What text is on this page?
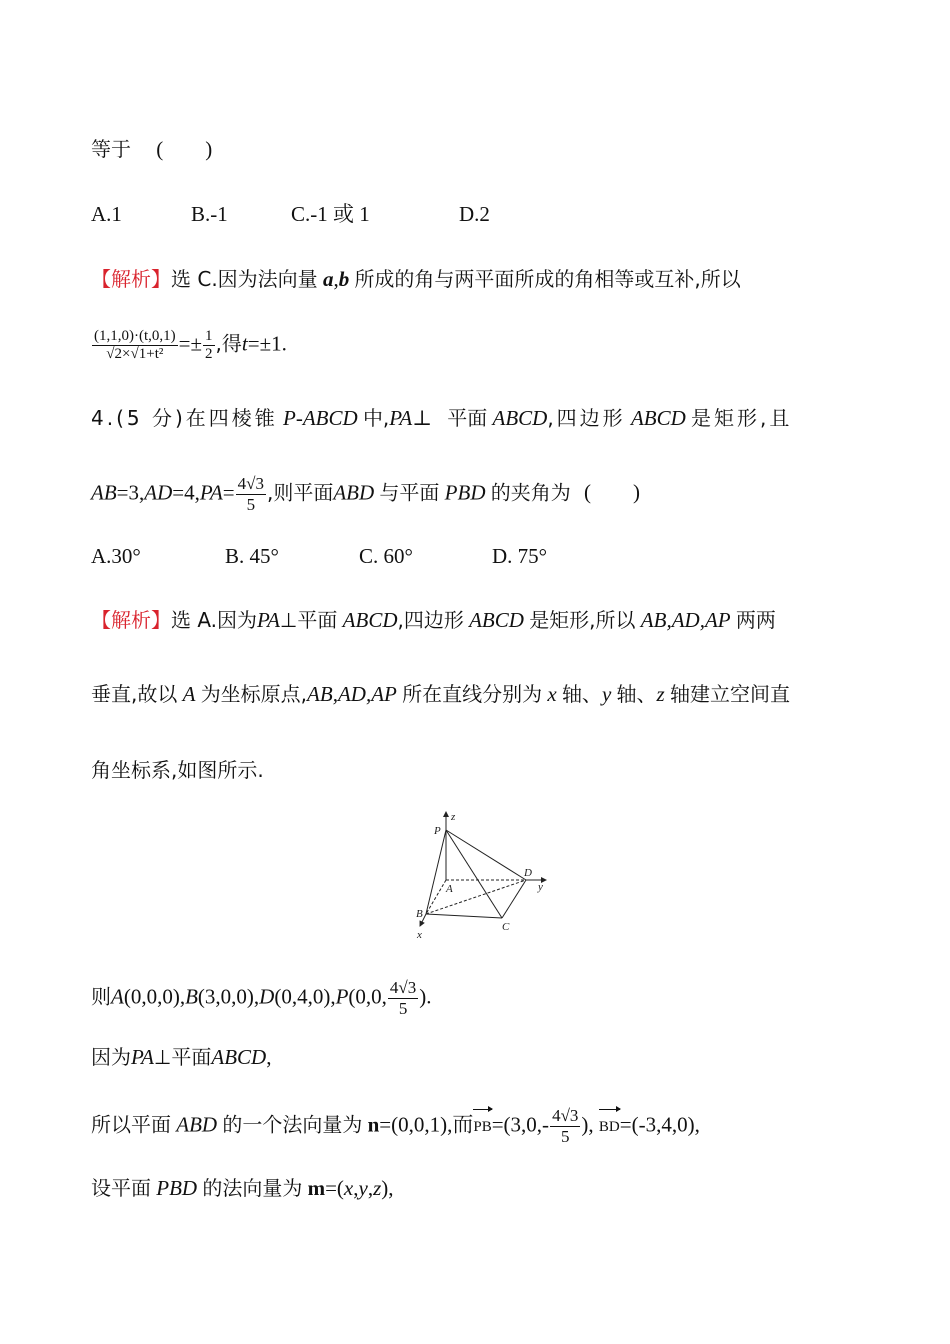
等于 (　　)
A.1	B.-1	C.-1 或 1	D.2
【解析】选 C.因为法向量 a,b 所成的角与两平面所成的角相等或互补,所以
$\frac{(1,1,0)\cdot(t,0,1)}{\text{√2×√1+t²}} =\pm \frac{1}{2}$ ,得t=±1.
4.(5 分)在四棱锥 P-ABCD 中,PA⊥ 平面 ABCD,四边形 ABCD 是矩形,且
$AB=3,AD=4,PA= \frac{4√3}{5}$ ,则平面ABD 与平面 PBD 的夹角为 (　　)
A.30°	B. 45°	C. 60°	D. 75°
【解析】选 A.因为PA⊥平面 ABCD,四边形 ABCD 是矩形,所以 AB,AD,AP 两两
垂直,故以 A 为坐标原点,AB,AD,AP 所在直线分别为 x 轴、y 轴、z 轴建立空间直
角坐标系,如图所示.
P
z
D
y
A
B
C
x
则A(0,0,0),B(3,0,0),D(0,4,0),P(0,0, $\frac{4√3}{5}$ ).
因为PA⊥平面ABCD,
所以平面 ABD 的一个法向量为 n=(0,0,1),而$PB=(3,0,- \frac{4√3}{5}$ ), BD=(-3,4,0),
设平面 PBD 的法向量为 m=(x,y,z),
